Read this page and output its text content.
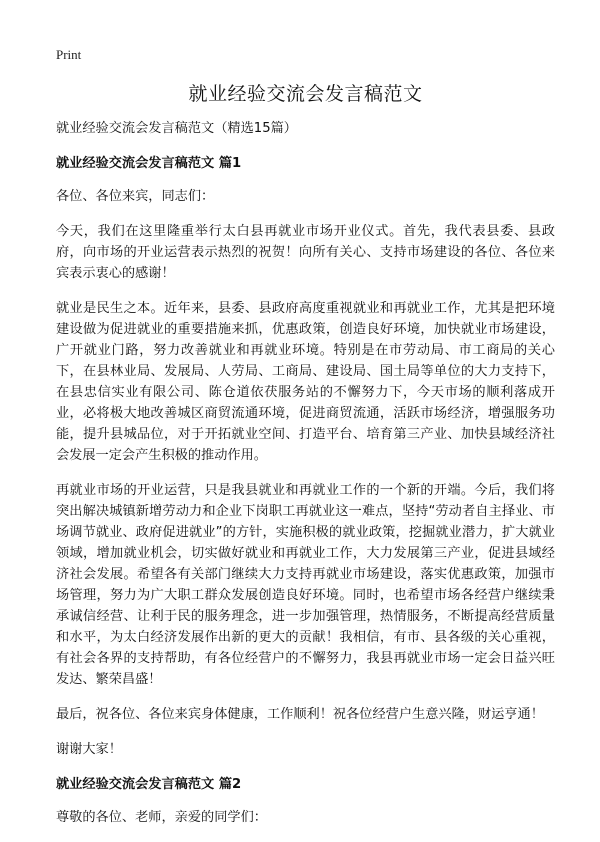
Print
就业经验交流会发言稿范文

就业经验交流会发言稿范文（精选15篇）

就业经验交流会发言稿范文 篇1

各位、各位来宾，同志们：

今天，我们在这里隆重举行太白县再就业市场开业仪式。首先，我代表县委、县政府，向市场的开业运营表示热烈的祝贺！向所有关心、支持市场建设的各位、各位来宾表示衷心的感谢！

就业是民生之本。近年来，县委、县政府高度重视就业和再就业工作，尤其是把环境建设做为促进就业的重要措施来抓，优惠政策，创造良好环境，加快就业市场建设，广开就业门路，努力改善就业和再就业环境。特别是在市劳动局、市工商局的关心下，在县林业局、发展局、人劳局、工商局、建设局、国土局等单位的大力支持下，在县忠信实业有限公司、陈仓道依茯服务站的不懈努力下，今天市场的顺利落成开业，必将极大地改善城区商贸流通环境，促进商贸流通，活跃市场经济，增强服务功能，提升县城品位，对于开拓就业空间、打造平台、培育第三产业、加快县域经济社会发展一定会产生积极的推动作用。

再就业市场的开业运营，只是我县就业和再就业工作的一个新的开端。今后，我们将突出解决城镇新增劳动力和企业下岗职工再就业这一难点，坚持“劳动者自主择业、市场调节就业、政府促进就业”的方针，实施积极的就业政策，挖掘就业潜力，扩大就业领域，增加就业机会，切实做好就业和再就业工作，大力发展第三产业，促进县域经济社会发展。希望各有关部门继续大力支持再就业市场建设，落实优惠政策，加强市场管理，努力为广大职工群众发展创造良好环境。同时，也希望市场各经营户继续秉承诚信经营、让利于民的服务理念，进一步加强管理，热情服务，不断提高经营质量和水平，为太白经济发展作出新的更大的贡献！我相信，有市、县各级的关心重视，有社会各界的支持帮助，有各位经营户的不懈努力，我县再就业市场一定会日益兴旺发达、繁荣昌盛！

最后，祝各位、各位来宾身体健康，工作顺利！祝各位经营户生意兴隆，财运亨通！

谢谢大家！

就业经验交流会发言稿范文 篇2

尊敬的各位、老师，亲爱的同学们：
